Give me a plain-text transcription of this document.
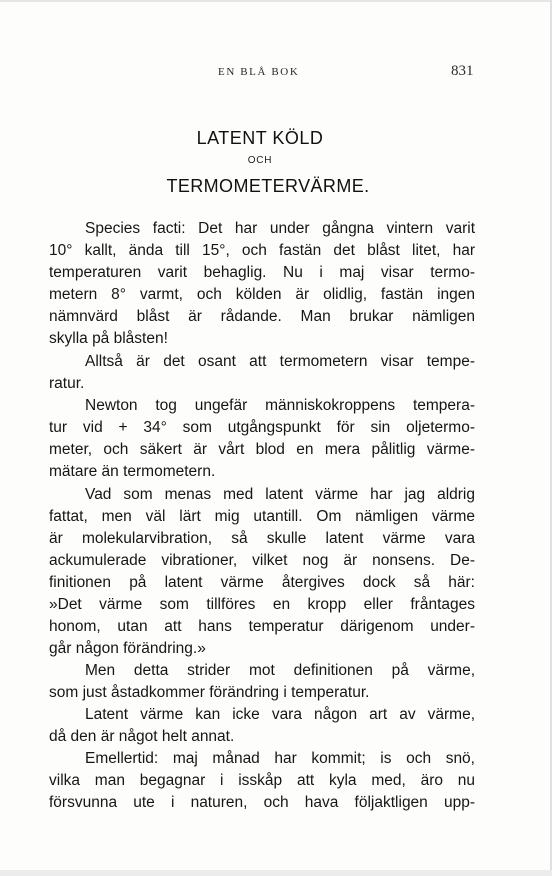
EN BLÅ BOK	831
LATENT KÖLD
OCH
TERMOMETERVÄRME.
Species facti: Det har under gångna vintern varit
10° kallt, ända till 15°, och fastän det blåst litet, har
temperaturen varit behaglig. Nu i maj visar termo-
metern 8° varmt, och kölden är olidlig, fastän ingen
nämnvärd blåst är rådande. Man brukar nämligen
skylla på blåsten!
Alltså är det osant att termometern visar tempe-
ratur.
Newton tog ungefär människokroppens tempera-
tur vid + 34° som utgångspunkt för sin oljetermo-
meter, och säkert är vårt blod en mera pålitlig värme-
mätare än termometern.
Vad som menas med latent värme har jag aldrig
fattat, men väl lärt mig utantill. Om nämligen värme
är molekularvibration, så skulle latent värme vara
ackumulerade vibrationer, vilket nog är nonsens. De-
finitionen på latent värme återgives dock så här:
»Det värme som tillföres en kropp eller fråntages
honom, utan att hans temperatur därigenom under-
går någon förändring.»
Men detta strider mot definitionen på värme,
som just åstadkommer förändring i temperatur.
Latent värme kan icke vara någon art av värme,
då den är något helt annat.
Emellertid: maj månad har kommit; is och snö,
vilka man begagnar i isskåp att kyla med, äro nu
försvunna ute i naturen, och hava följaktligen upp-
